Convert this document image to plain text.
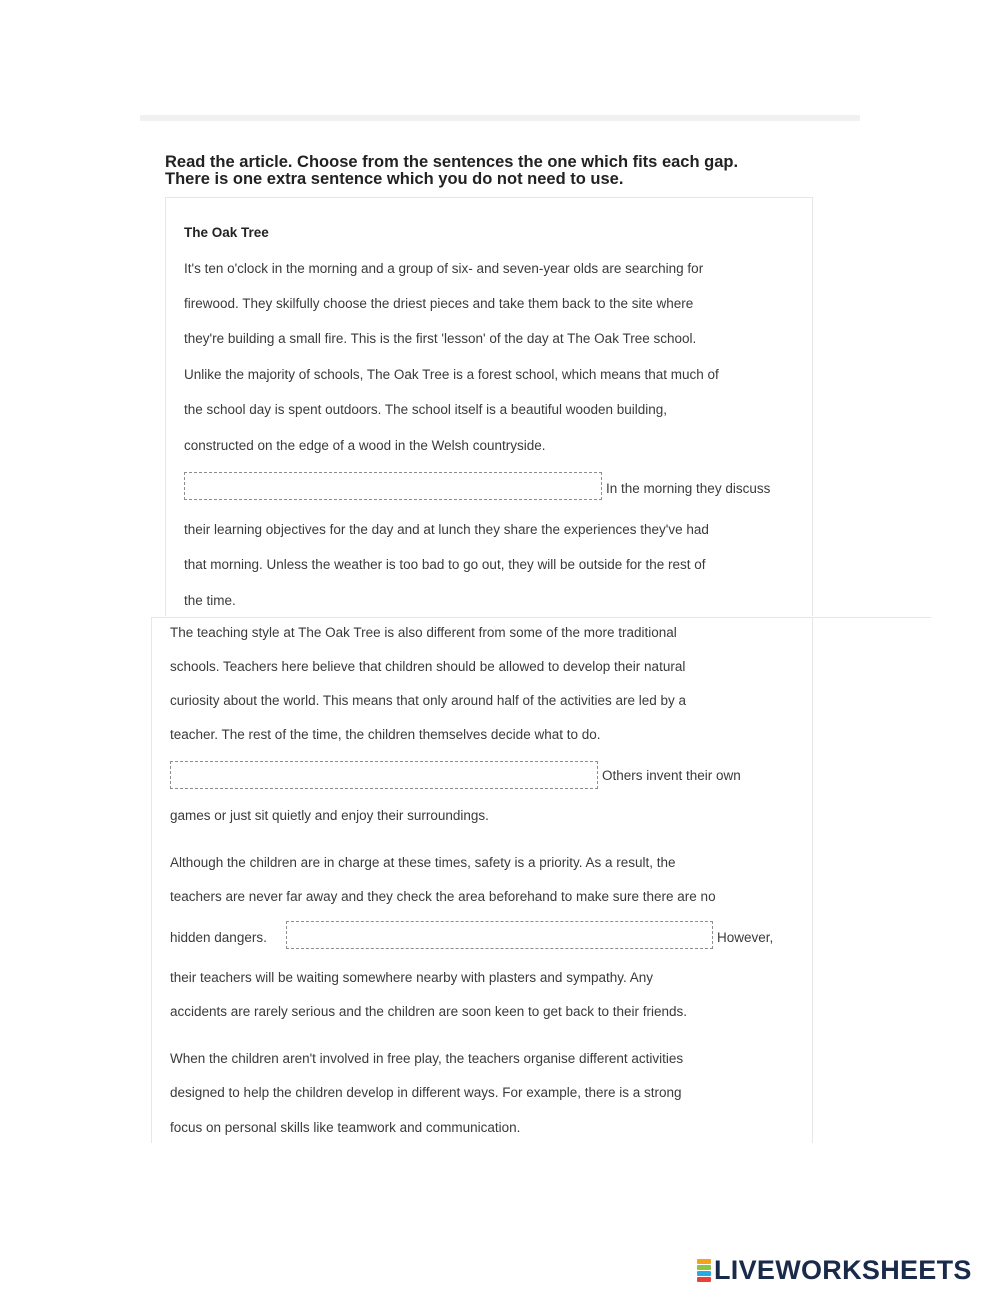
Read the article. Choose from the sentences the one which fits each gap.
There is one extra sentence which you do not need to use.
The Oak Tree
It's ten o'clock in the morning and a group of six- and seven-year olds are searching for
firewood. They skilfully choose the driest pieces and take them back to the site where
they're building a small fire. This is the first 'lesson' of the day at The Oak Tree school.
Unlike the majority of schools, The Oak Tree is a forest school, which means that much of
the school day is spent outdoors. The school itself is a beautiful wooden building,
constructed on the edge of a wood in the Welsh countryside.
In the morning they discuss
their learning objectives for the day and at lunch they share the experiences they've had
that morning. Unless the weather is too bad to go out, they will be outside for the rest of
the time.
The teaching style at The Oak Tree is also different from some of the more traditional
schools. Teachers here believe that children should be allowed to develop their natural
curiosity about the world. This means that only around half of the activities are led by a
teacher. The rest of the time, the children themselves decide what to do.
Others invent their own
games or just sit quietly and enjoy their surroundings.
Although the children are in charge at these times, safety is a priority. As a result, the
teachers are never far away and they check the area beforehand to make sure there are no
hidden dangers.	However,
their teachers will be waiting somewhere nearby with plasters and sympathy. Any
accidents are rarely serious and the children are soon keen to get back to their friends.
When the children aren't involved in free play, the teachers organise different activities
designed to help the children develop in different ways. For example, there is a strong
focus on personal skills like teamwork and communication.
LIVEWORKSHEETS
